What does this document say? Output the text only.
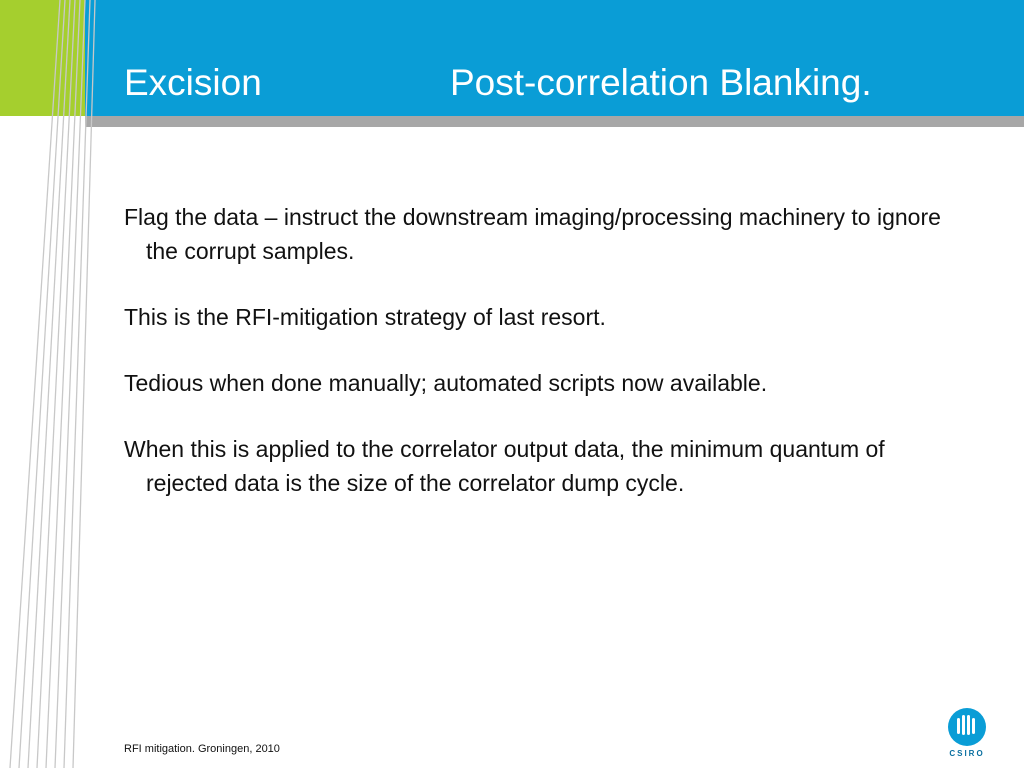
Excision	Post-correlation Blanking.

Flag the data – instruct the downstream imaging/processing machinery to ignore the corrupt samples.

This is the RFI-mitigation strategy of last resort.

Tedious when done manually; automated scripts now available.

When this is applied to the correlator output data, the minimum quantum of rejected data is the size of the correlator dump cycle.

RFI mitigation. Groningen, 2010	CSIRO
